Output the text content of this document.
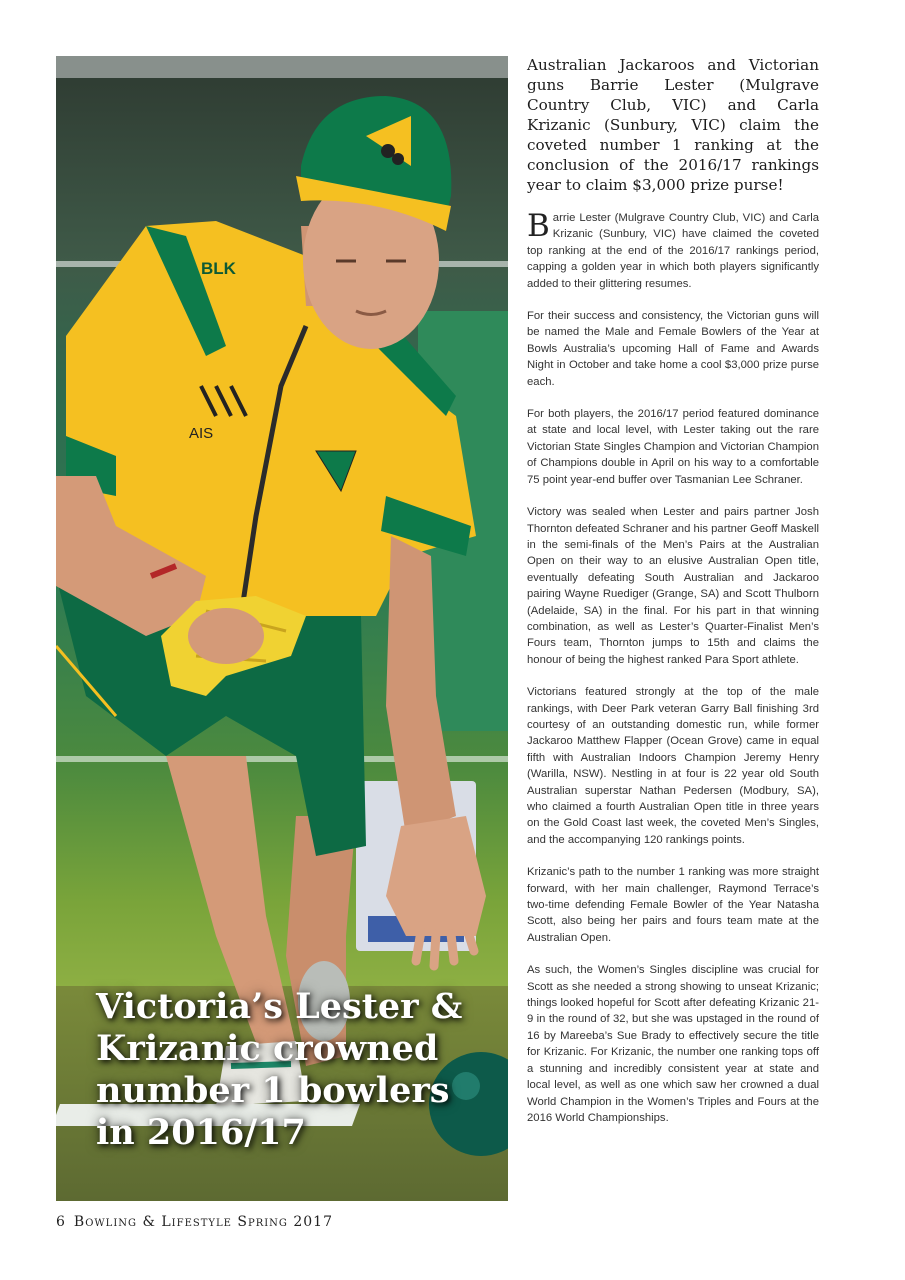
BLK
AIS
Victoria’s Lester & Krizanic crowned number 1 bowlers in 2016/17

Australian Jackaroos and Victorian guns Barrie Lester (Mulgrave Country Club, VIC) and Carla Krizanic (Sunbury, VIC) claim the coveted number 1 ranking at the conclusion of the 2016/17 rankings year to claim $3,000 prize purse!

Barrie Lester (Mulgrave Country Club, VIC) and Carla Krizanic (Sunbury, VIC) have claimed the coveted top ranking at the end of the 2016/17 rankings period, capping a golden year in which both players significantly added to their glittering resumes.

For their success and consistency, the Victorian guns will be named the Male and Female Bowlers of the Year at Bowls Australia’s upcoming Hall of Fame and Awards Night in October and take home a cool $3,000 prize purse each.

For both players, the 2016/17 period featured dominance at state and local level, with Lester taking out the rare Victorian State Singles Champion and Victorian Champion of Champions double in April on his way to a comfortable 75 point year-end buffer over Tasmanian Lee Schraner.

Victory was sealed when Lester and pairs partner Josh Thornton defeated Schraner and his partner Geoff Maskell in the semi-finals of the Men’s Pairs at the Australian Open on their way to an elusive Australian Open title, eventually defeating South Australian and Jackaroo pairing Wayne Ruediger (Grange, SA) and Scott Thulborn (Adelaide, SA) in the final. For his part in that winning combination, as well as Lester’s Quarter-Finalist Men’s Fours team, Thornton jumps to 15th and claims the honour of being the highest ranked Para Sport athlete.

Victorians featured strongly at the top of the male rankings, with Deer Park veteran Garry Ball finishing 3rd courtesy of an outstanding domestic run, while former Jackaroo Matthew Flapper (Ocean Grove) came in equal fifth with Australian Indoors Champion Jeremy Henry (Warilla, NSW). Nestling in at four is 22 year old South Australian superstar Nathan Pedersen (Modbury, SA), who claimed a fourth Australian Open title in three years on the Gold Coast last week, the coveted Men’s Singles, and the accompanying 120 rankings points.

Krizanic’s path to the number 1 ranking was more straight forward, with her main challenger, Raymond Terrace’s two-time defending Female Bowler of the Year Natasha Scott, also being her pairs and fours team mate at the Australian Open.

As such, the Women’s Singles discipline was crucial for Scott as she needed a strong showing to unseat Krizanic; things looked hopeful for Scott after defeating Krizanic 21-9 in the round of 32, but she was upstaged in the round of 16 by Mareeba’s Sue Brady to effectively secure the title for Krizanic. For Krizanic, the number one ranking tops off a stunning and incredibly consistent year at state and local level, as well as one which saw her crowned a dual World Champion in the Women’s Triples and Fours at the 2016 World Championships.

6 Bowling & Lifestyle Spring 2017
